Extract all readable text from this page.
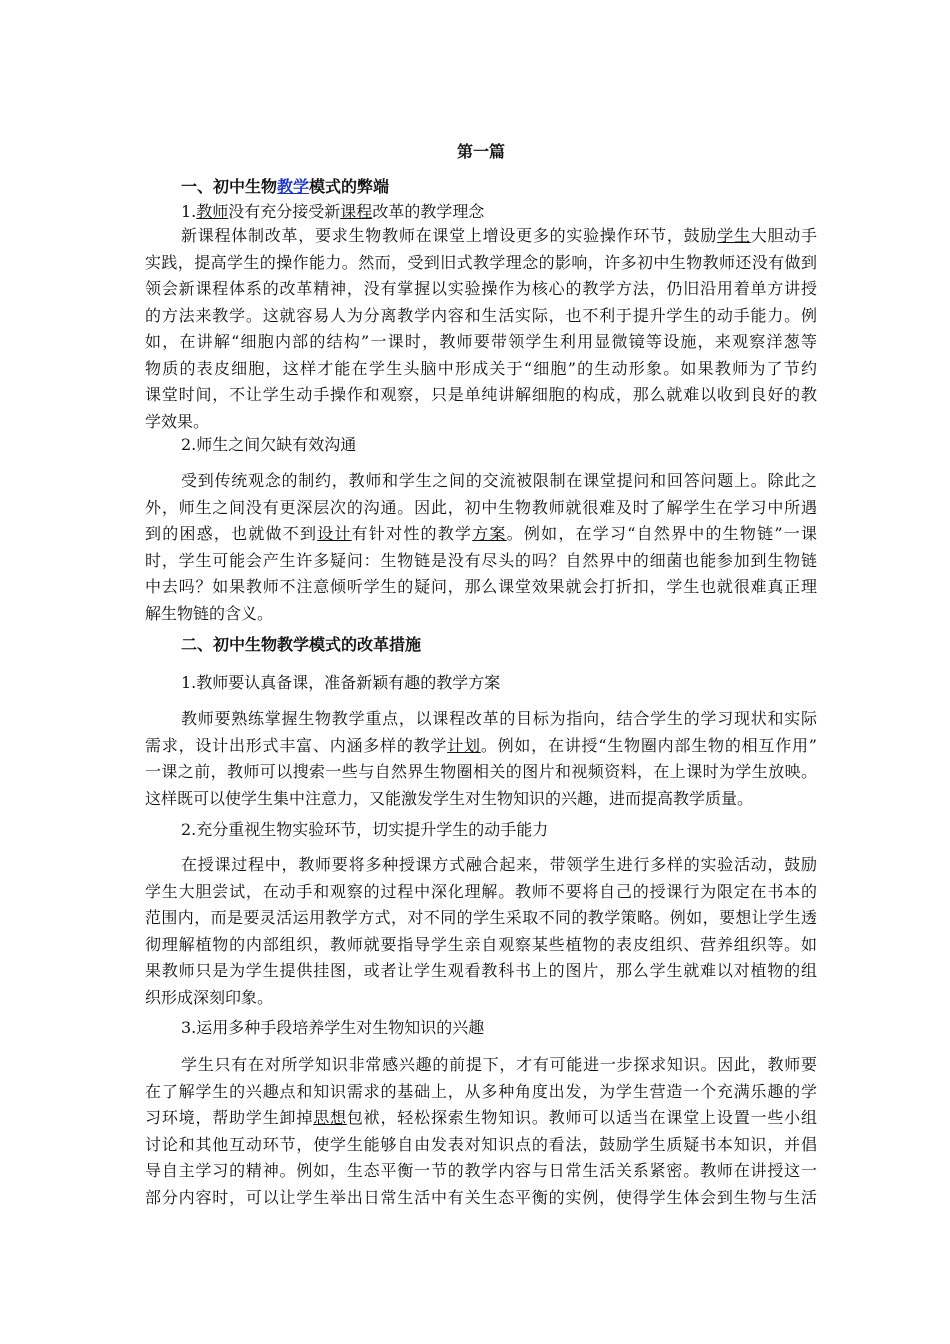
第一篇
一、初中生物教学模式的弊端
1.教师没有充分接受新课程改革的教学理念
新课程体制改革，要求生物教师在课堂上增设更多的实验操作环节，鼓励学生大胆动手
实践，提高学生的操作能力。然而，受到旧式教学理念的影响，许多初中生物教师还没有做到
领会新课程体系的改革精神，没有掌握以实验操作为核心的教学方法，仍旧沿用着单方讲授
的方法来教学。这就容易人为分离教学内容和生活实际，也不利于提升学生的动手能力。例
如，在讲解“细胞内部的结构”一课时，教师要带领学生利用显微镜等设施，来观察洋葱等
物质的表皮细胞，这样才能在学生头脑中形成关于“细胞”的生动形象。如果教师为了节约
课堂时间，不让学生动手操作和观察，只是单纯讲解细胞的构成，那么就难以收到良好的教
学效果。
2.师生之间欠缺有效沟通
受到传统观念的制约，教师和学生之间的交流被限制在课堂提问和回答问题上。除此之
外，师生之间没有更深层次的沟通。因此，初中生物教师就很难及时了解学生在学习中所遇
到的困惑，也就做不到设计有针对性的教学方案。例如，在学习“自然界中的生物链”一课
时，学生可能会产生许多疑问：生物链是没有尽头的吗？自然界中的细菌也能参加到生物链
中去吗？如果教师不注意倾听学生的疑问，那么课堂效果就会打折扣，学生也就很难真正理
解生物链的含义。
二、初中生物教学模式的改革措施
1.教师要认真备课，准备新颖有趣的教学方案
教师要熟练掌握生物教学重点，以课程改革的目标为指向，结合学生的学习现状和实际
需求，设计出形式丰富、内涵多样的教学计划。例如，在讲授“生物圈内部生物的相互作用”
一课之前，教师可以搜索一些与自然界生物圈相关的图片和视频资料，在上课时为学生放映。
这样既可以使学生集中注意力，又能激发学生对生物知识的兴趣，进而提高教学质量。
2.充分重视生物实验环节，切实提升学生的动手能力
在授课过程中，教师要将多种授课方式融合起来，带领学生进行多样的实验活动，鼓励
学生大胆尝试，在动手和观察的过程中深化理解。教师不要将自己的授课行为限定在书本的
范围内，而是要灵活运用教学方式，对不同的学生采取不同的教学策略。例如，要想让学生透
彻理解植物的内部组织，教师就要指导学生亲自观察某些植物的表皮组织、营养组织等。如
果教师只是为学生提供挂图，或者让学生观看教科书上的图片，那么学生就难以对植物的组
织形成深刻印象。
3.运用多种手段培养学生对生物知识的兴趣
学生只有在对所学知识非常感兴趣的前提下，才有可能进一步探求知识。因此，教师要
在了解学生的兴趣点和知识需求的基础上，从多种角度出发，为学生营造一个充满乐趣的学
习环境，帮助学生卸掉思想包袱，轻松探索生物知识。教师可以适当在课堂上设置一些小组
讨论和其他互动环节，使学生能够自由发表对知识点的看法，鼓励学生质疑书本知识，并倡
导自主学习的精神。例如，生态平衡一节的教学内容与日常生活关系紧密。教师在讲授这一
部分内容时，可以让学生举出日常生活中有关生态平衡的实例，使得学生体会到生物与生活
